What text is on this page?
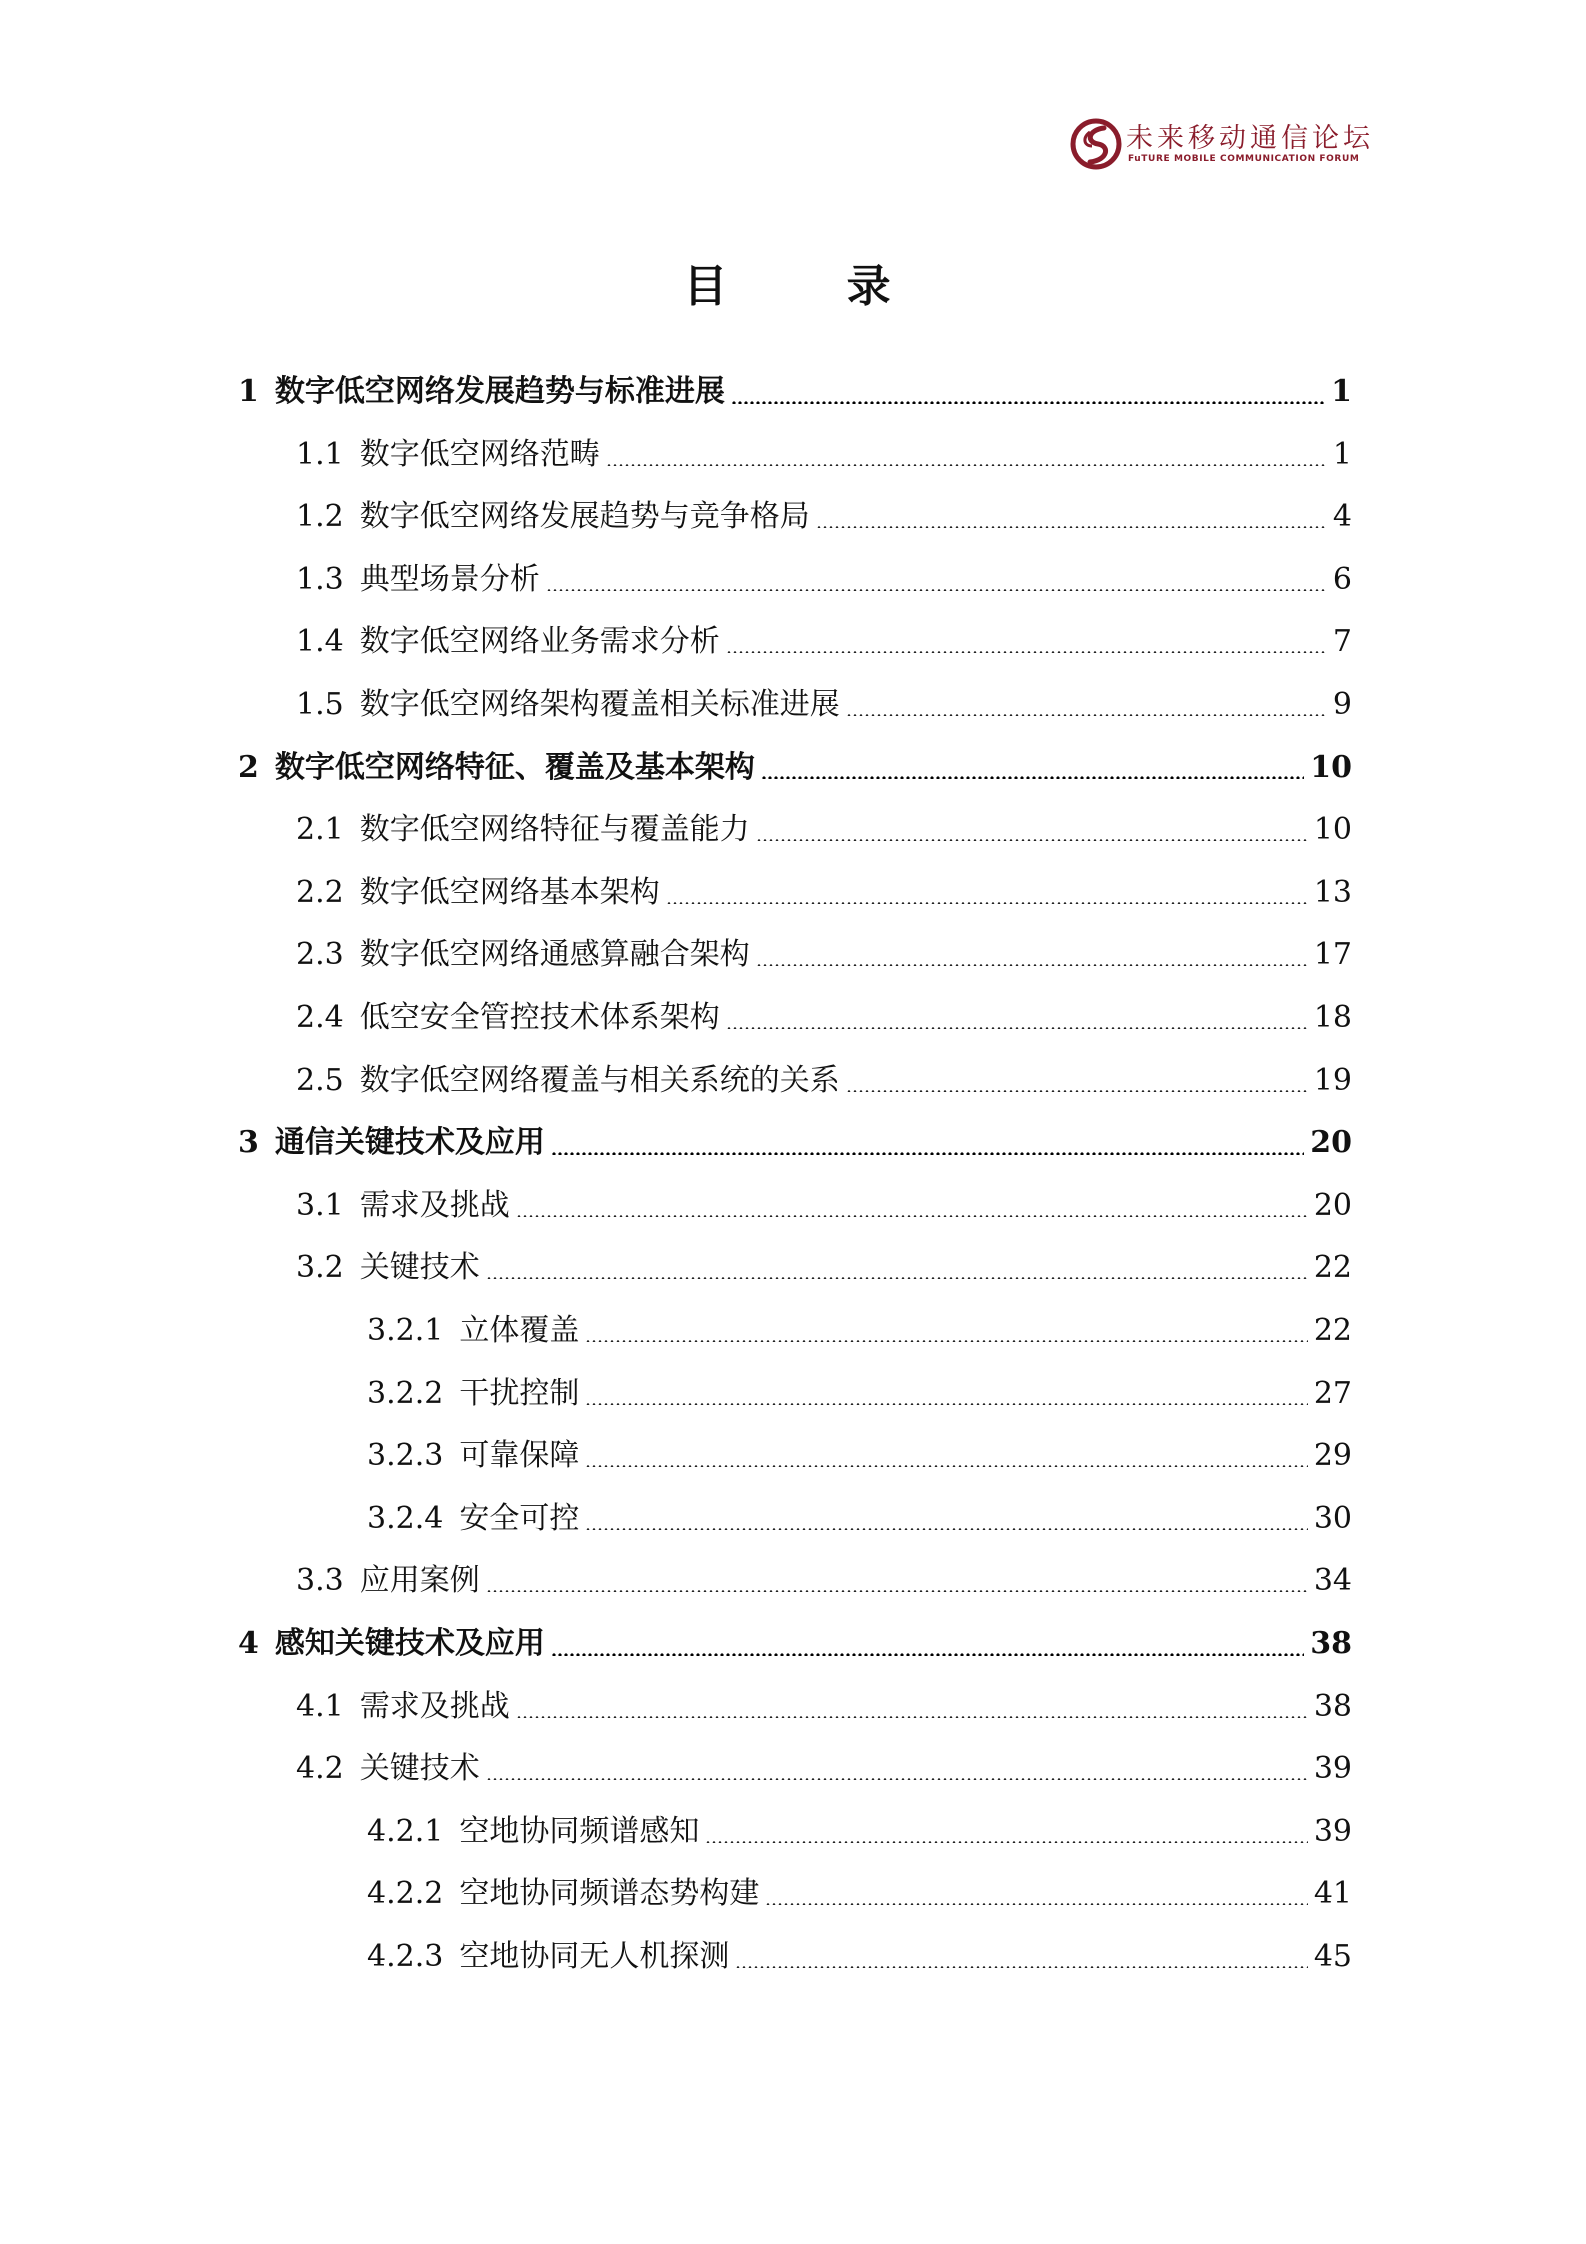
未来移动通信论坛
FuTURE MOBILE COMMUNICATION FORUM
目 录
1 数字低空网络发展趋势与标准进展	1
1.1 数字低空网络范畴	1
1.2 数字低空网络发展趋势与竞争格局	4
1.3 典型场景分析	6
1.4 数字低空网络业务需求分析	7
1.5 数字低空网络架构覆盖相关标准进展	9
2 数字低空网络特征、覆盖及基本架构	10
2.1 数字低空网络特征与覆盖能力	10
2.2 数字低空网络基本架构	13
2.3 数字低空网络通感算融合架构	17
2.4 低空安全管控技术体系架构	18
2.5 数字低空网络覆盖与相关系统的关系	19
3 通信关键技术及应用	20
3.1 需求及挑战	20
3.2 关键技术	22
3.2.1 立体覆盖	22
3.2.2 干扰控制	27
3.2.3 可靠保障	29
3.2.4 安全可控	30
3.3 应用案例	34
4 感知关键技术及应用	38
4.1 需求及挑战	38
4.2 关键技术	39
4.2.1 空地协同频谱感知	39
4.2.2 空地协同频谱态势构建	41
4.2.3 空地协同无人机探测	45
